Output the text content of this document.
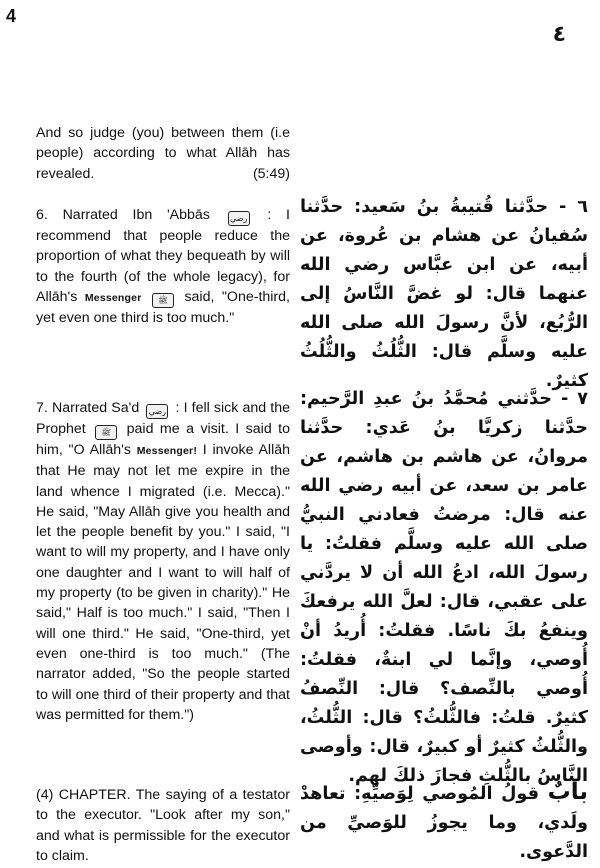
4
٤

And so judge (you) between them (i.e people) according to what Allāh has revealed.	(5:49)

6. Narrated Ibn 'Abbās	رضي : I recommend that people reduce the proportion of what they bequeath by will to the fourth (of the whole legacy), for Allāh's Messenger ﷺ said, "One-third, yet even one third is too much."

٦ - حدَّثنا قُتيبةُ بنُ سَعيد: حدَّثنا سُفيانُ عن هشام بن عُروة، عن أبيه، عن ابن عبَّاس رضي الله عنهما قال: لو غضَّ النَّاسُ إلى الرُّبُع، لأنَّ رسولَ الله صلى الله عليه وسلَّم قال: الثُّلُثُ والثُّلُثُ كثيرٌ.

7. Narrated Sa'd رضي : I fell sick and the Prophet ﷺ paid me a visit. I said to him, "O Allāh's Messenger! I invoke Allāh that He may not let me expire in the land whence I migrated (i.e. Mecca)." He said, "May Allāh give you health and let the people benefit by you." I said, "I want to will my property, and I have only one daughter and I want to will half of my property (to be given in charity)." He said," Half is too much." I said, "Then I will one third." He said, "One-third, yet even one-third is too much." (The narrator added, "So the people started to will one third of their property and that was permitted for them.")

٧ - حدَّثني مُحمَّدُ بنُ عبدِ الرَّحيم: حدَّثنا زكريَّا بنُ عَدي: حدَّثنا مروانُ، عن هاشم بن هاشم، عن عامر بن سعد، عن أبيه رضي الله عنه قال: مرضتُ فعادني النبيُّ صلى الله عليه وسلَّم فقلتُ: يا رسولَ الله، ادعُ الله أن لا يردَّني على عقبي، قال: لعلَّ الله يرفعكَ وينفعُ بكَ ناسًا. فقلتُ: أُريدُ أنْ أُوصي، وإنَّما لي ابنةٌ، فقلتُ: أُوصي بالنِّصف؟ قال: النِّصفُ كثيرٌ. قلتُ: فالثُّلثُ؟ قال: الثُّلثُ، والثُّلثُ كثيرٌ أو كبيرٌ، قال: وأوصى النَّاسُ بالثُّلثِ فجازَ ذلكَ لهم.

(4) CHAPTER. The saying of a testator to the executor. "Look after my son," and what is permissible for the executor to claim.

بابٌ قولُ المُوصي لِوَصيِّهِ: تعاهدْ ولَدي، وما يجوزُ للوَصيِّ من الدَّعوى.
